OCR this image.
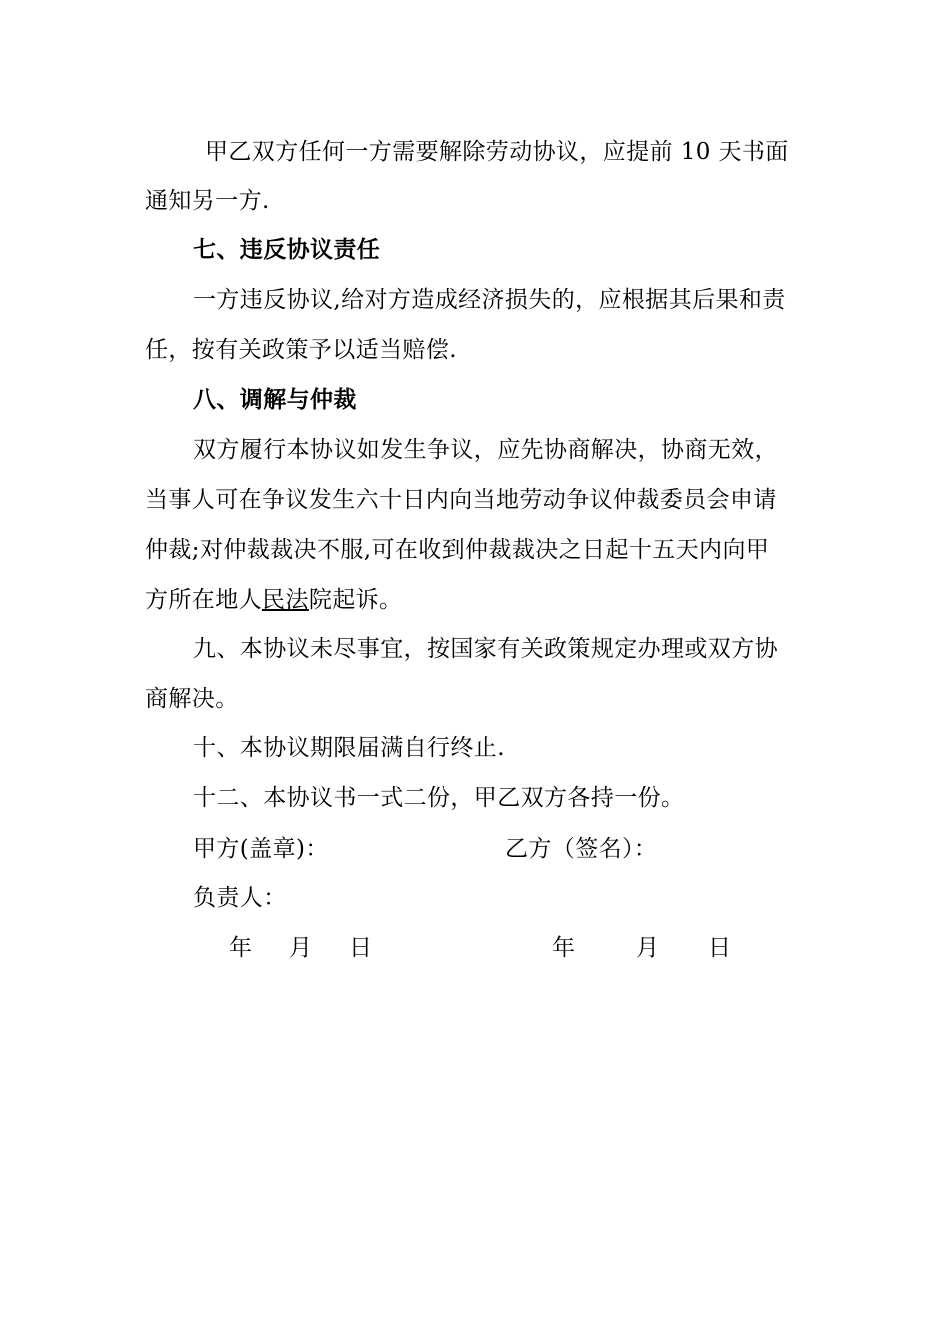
甲乙双方任何一方需要解除劳动协议，应提前 10 天书面
通知另一方.
七、违反协议责任
一方违反协议,给对方造成经济损失的，应根据其后果和责
任，按有关政策予以适当赔偿.
八、调解与仲裁
双方履行本协议如发生争议，应先协商解决，协商无效，
当事人可在争议发生六十日内向当地劳动争议仲裁委员会申请
仲裁;对仲裁裁决不服,可在收到仲裁裁决之日起十五天内向甲
方所在地人民法院起诉。
九、本协议未尽事宜，按国家有关政策规定办理或双方协
商解决。
十、本协议期限届满自行终止.
十二、本协议书一式二份，甲乙双方各持一份。
甲方(盖章)：	乙方（签名）：
负责人：
年 月 日	年	月 日
